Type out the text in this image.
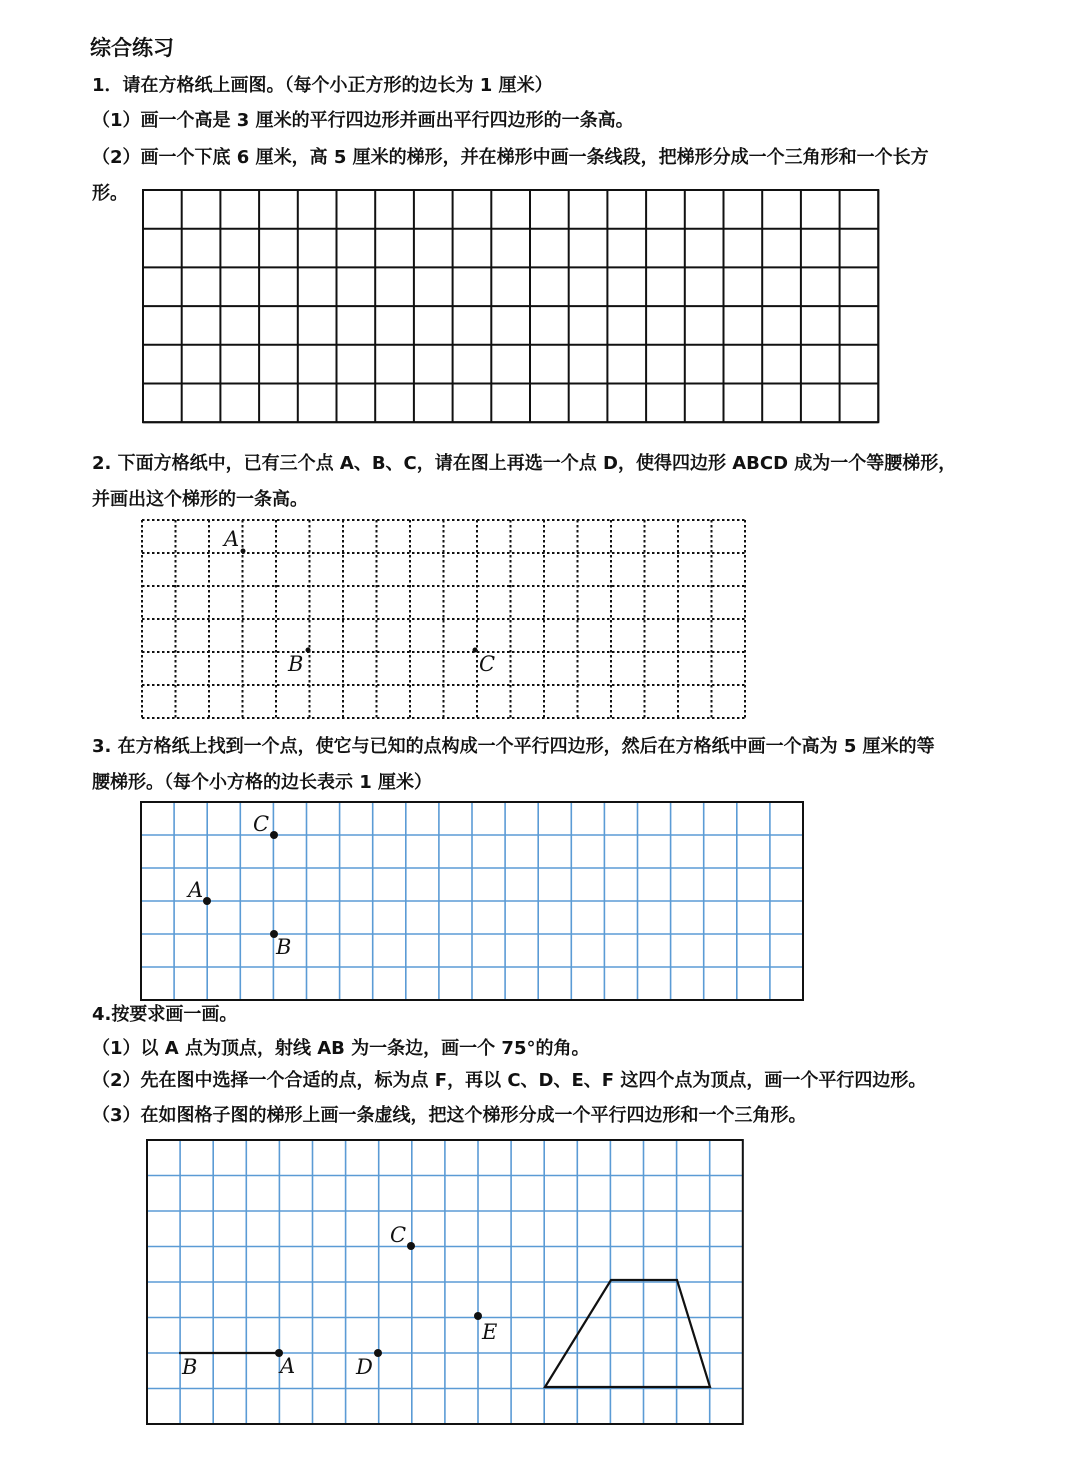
综合练习
1．请在方格纸上画图。（每个小正方形的边长为 1 厘米）
（1）画一个高是 3 厘米的平行四边形并画出平行四边形的一条高。
（2）画一个下底 6 厘米，高 5 厘米的梯形，并在梯形中画一条线段，把梯形分成一个三角形和一个长方
形。
2. 下面方格纸中，已有三个点 A、B、C，请在图上再选一个点 D，使得四边形 ABCD 成为一个等腰梯形，
并画出这个梯形的一条高。
A
B	C
3. 在方格纸上找到一个点，使它与已知的点构成一个平行四边形，然后在方格纸中画一个高为 5 厘米的等
腰梯形。（每个小方格的边长表示 1 厘米）
C
A
B
4.按要求画一画。
（1）以 A 点为顶点，射线 AB 为一条边，画一个 75°的角。
（2）先在图中选择一个合适的点，标为点 F，再以 C、D、E、F 这四个点为顶点，画一个平行四边形。
（3）在如图格子图的梯形上画一条虚线，把这个梯形分成一个平行四边形和一个三角形。
A
B
C
D
E
